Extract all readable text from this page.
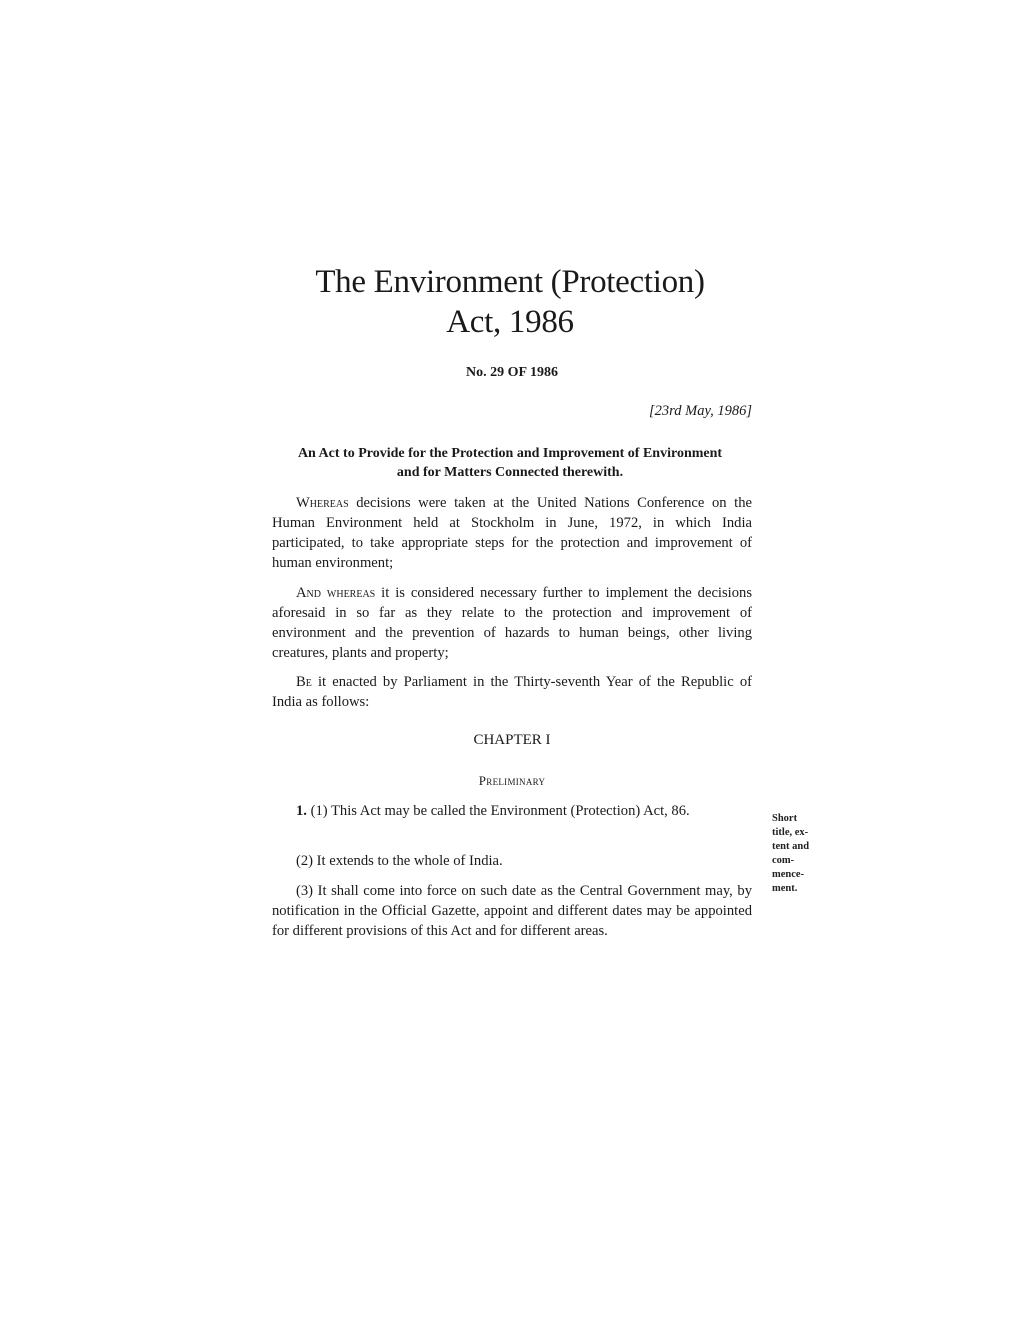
The Environment (Protection)
Act, 1986
No. 29 OF 1986
[23rd May, 1986]
An Act to Provide for the Protection and Improvement of Environment
and for Matters Connected therewith.

Whereas decisions were taken at the United Nations Conference on the Human Environment held at Stockholm in June, 1972, in which India participated, to take appropriate steps for the protection and improvement of human environment;

And whereas it is considered necessary further to implement the decisions aforesaid in so far as they relate to the protection and improvement of environment and the prevention of hazards to human beings, other living creatures, plants and property;

Be it enacted by Parliament in the Thirty-seventh Year of the Republic of India as follows:

CHAPTER I
Preliminary

1. (1) This Act may be called the Environment (Protection) Act, 86.

(2) It extends to the whole of India.

(3) It shall come into force on such date as the Central Government may, by notification in the Official Gazette, appoint and different dates may be appointed for different provisions of this Act and for different areas.

Short
title, ex-
tent and
com-
mence-
ment.
